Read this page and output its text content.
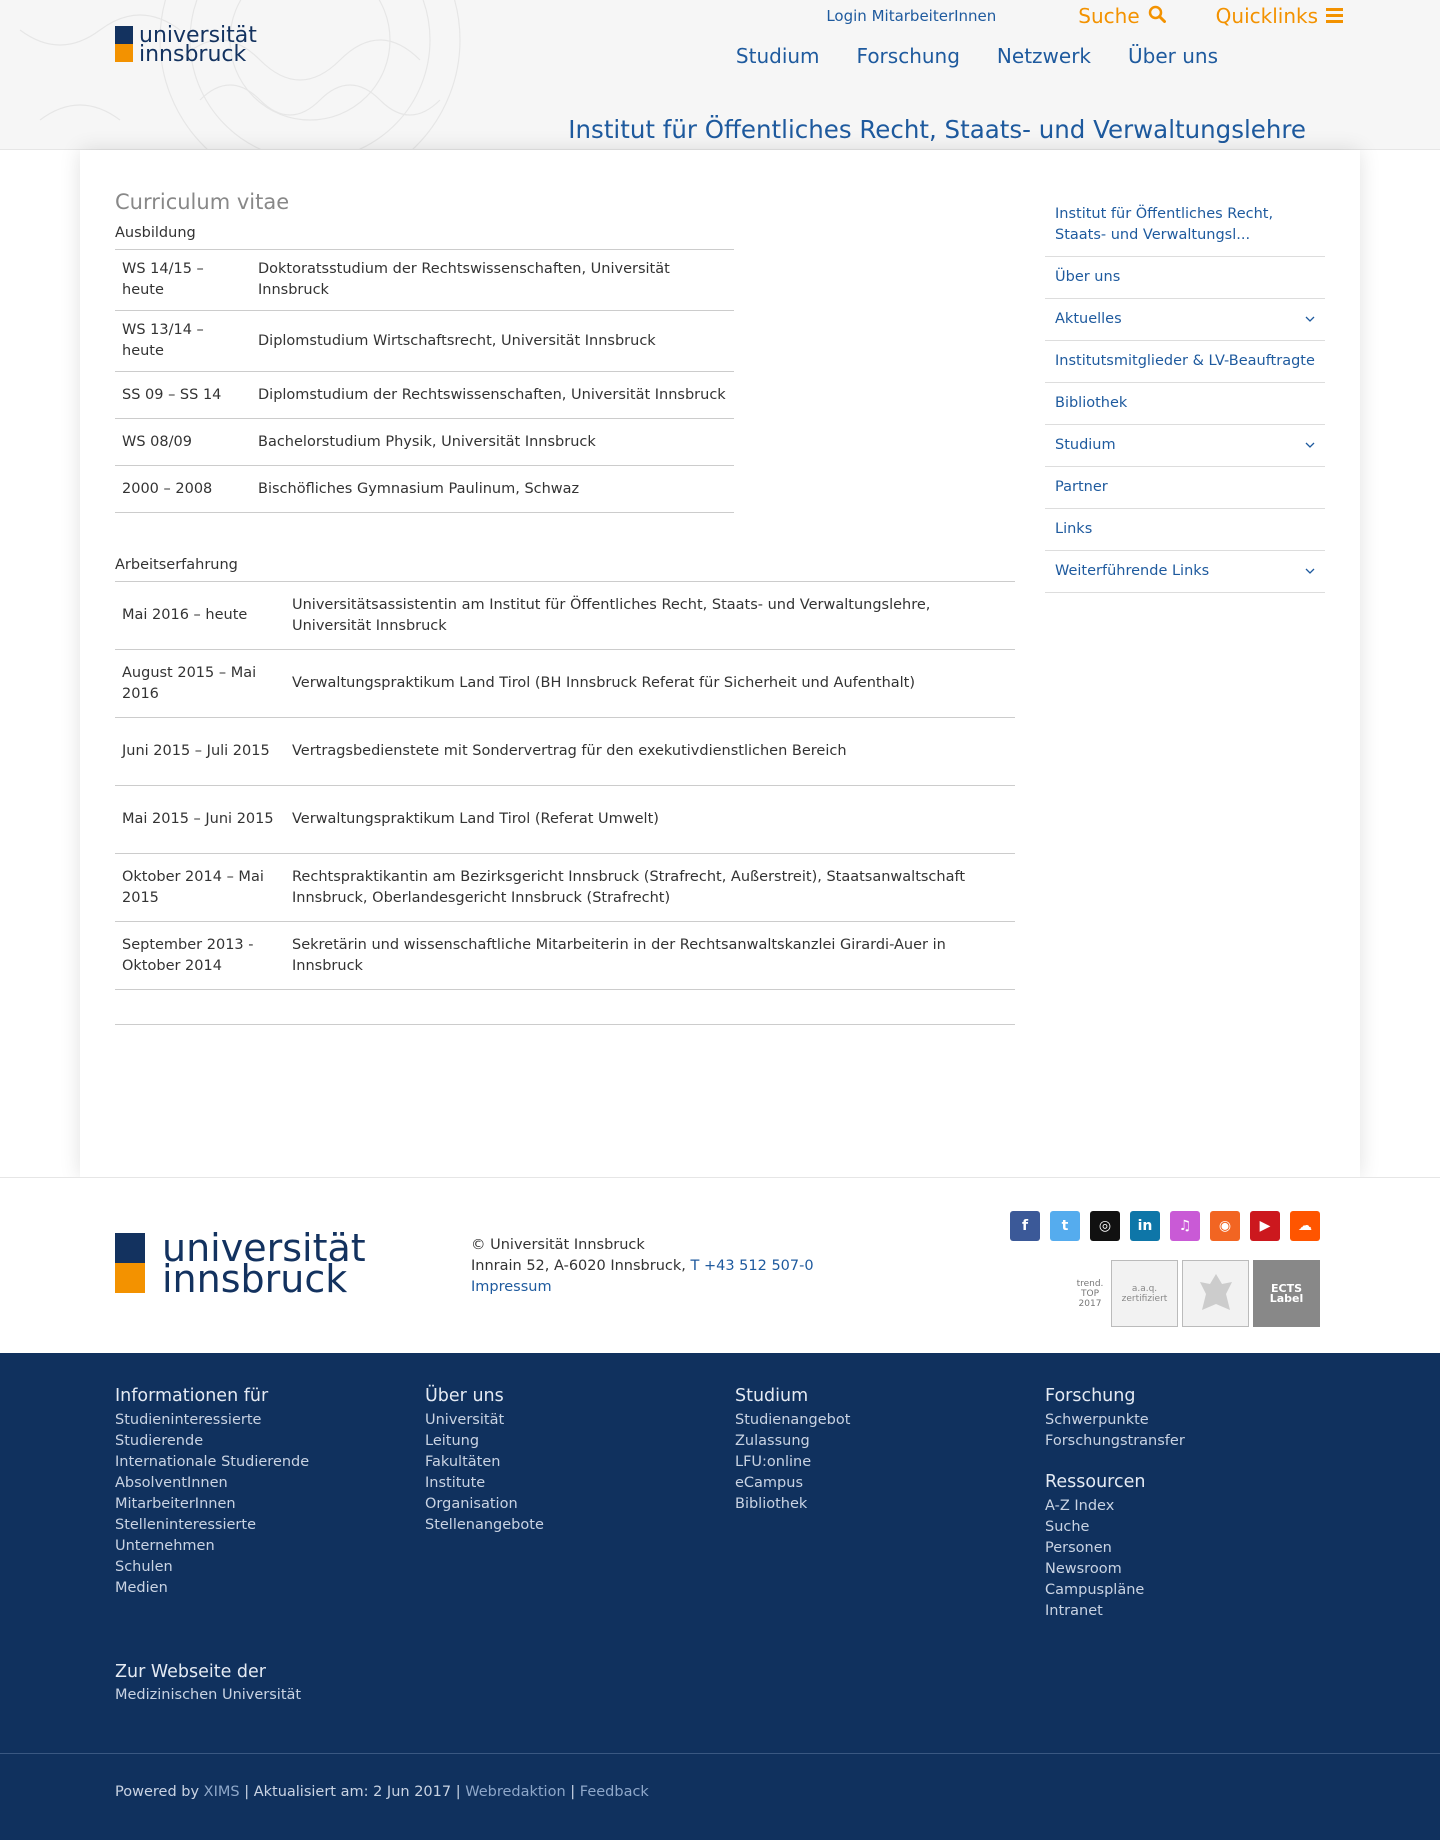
universität
innsbruck
Login MitarbeiterInnen	Suche	Quicklinks
Studium Forschung Netzwerk Über uns
Institut für Öffentliches Recht, Staats- und Verwaltungslehre
Curriculum vitae
Ausbildung
WS 14/15 – heute	Doktoratsstudium der Rechtswissenschaften, Universität Innsbruck
WS 13/14 – heute	Diplomstudium Wirtschaftsrecht, Universität Innsbruck
SS 09 – SS 14	Diplomstudium der Rechtswissenschaften, Universität Innsbruck
WS 08/09	Bachelorstudium Physik, Universität Innsbruck
2000 – 2008	Bischöfliches Gymnasium Paulinum, Schwaz
Arbeitserfahrung
Mai 2016 – heute	Universitätsassistentin am Institut für Öffentliches Recht, Staats- und Verwaltungslehre, Universität Innsbruck
August 2015 – Mai 2016	Verwaltungspraktikum Land Tirol (BH Innsbruck Referat für Sicherheit und Aufenthalt)
Juni 2015 – Juli 2015	Vertragsbedienstete mit Sondervertrag für den exekutivdienstlichen Bereich
Mai 2015 – Juni 2015	Verwaltungspraktikum Land Tirol (Referat Umwelt)
Oktober 2014 – Mai 2015	Rechtspraktikantin am Bezirksgericht Innsbruck (Strafrecht, Außerstreit), Staatsanwaltschaft Innsbruck, Oberlandesgericht Innsbruck (Strafrecht)
September 2013 - Oktober 2014	Sekretärin und wissenschaftliche Mitarbeiterin in der Rechtsanwaltskanzlei Girardi-Auer in Innsbruck
Institut für Öffentliches Recht, Staats- und Verwaltungsl...
Über uns
Aktuelles
Institutsmitglieder & LV-Beauftragte
Bibliothek
Studium
Partner
Links
Weiterführende Links
universität
innsbruck
© Universität Innsbruck
Innrain 52, A-6020 Innsbruck, T +43 512 507-0
Impressum
f	t	◎	in	♫	◉	▶	☁
trend. TOP 2017
a.a.q. zertifiziert
ECTS Label
Informationen für
Studieninteressierte
Studierende
Internationale Studierende
AbsolventInnen
MitarbeiterInnen
Stelleninteressierte
Unternehmen
Schulen
Medien
Über uns
Universität
Leitung
Fakultäten
Institute
Organisation
Stellenangebote
Studium
Studienangebot
Zulassung
LFU:online
eCampus
Bibliothek
Forschung
Schwerpunkte
Forschungstransfer
Ressourcen
A-Z Index
Suche
Personen
Newsroom
Campuspläne
Intranet
Zur Webseite der
Medizinischen Universität
Powered by XIMS | Aktualisiert am: 2 Jun 2017 | Webredaktion | Feedback
